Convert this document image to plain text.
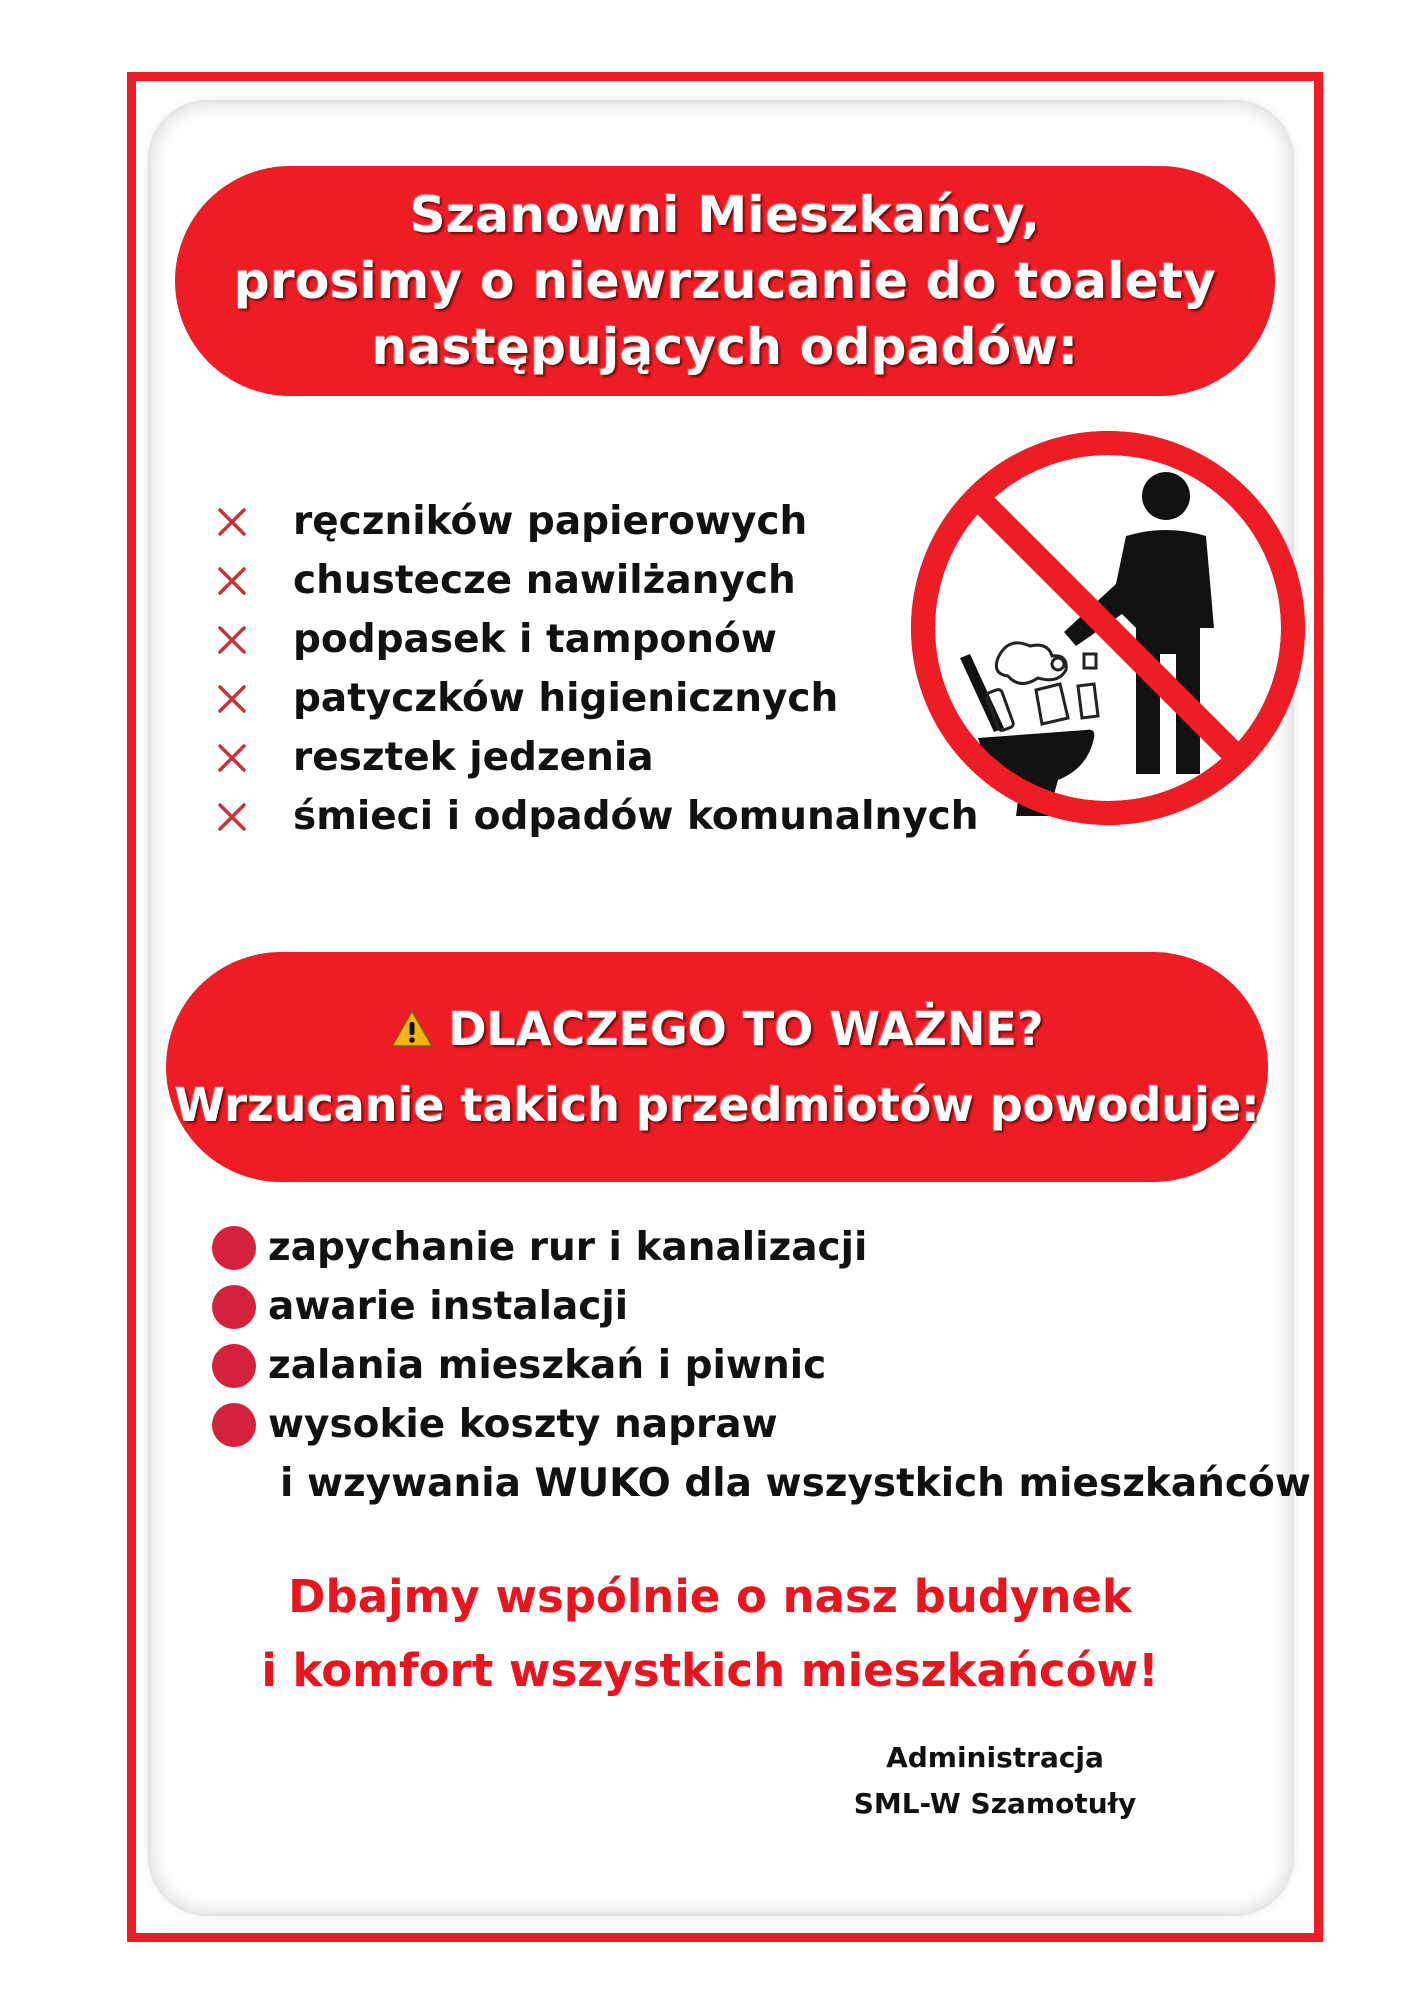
Szanowni Mieszkańcy,
prosimy o niewrzucanie do toalety
następujących odpadów:
ręczników papierowych
chustecze nawilżanych
podpasek i tamponów
patyczków higienicznych
resztek jedzenia
śmieci i odpadów komunalnych
DLACZEGO TO WAŻNE?
Wrzucanie takich przedmiotów powoduje:
zapychanie rur i kanalizacji
awarie instalacji
zalania mieszkań i piwnic
wysokie koszty napraw
i wzywania WUKO dla wszystkich mieszkańców
Dbajmy wspólnie o nasz budynek
i komfort wszystkich mieszkańców!
Administracja
SML-W Szamotuły
